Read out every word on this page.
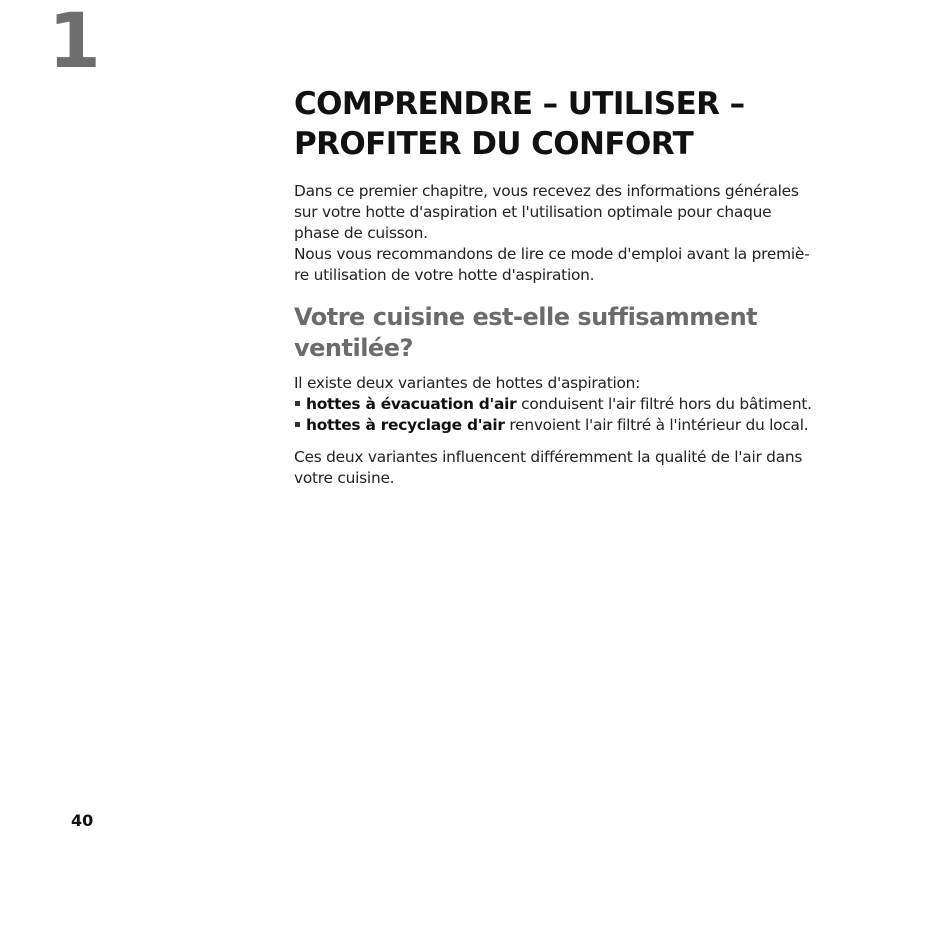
1
COMPRENDRE – UTILISER –
PROFITER DU CONFORT

Dans ce premier chapitre, vous recevez des informations générales
sur votre hotte d'aspiration et l'utilisation optimale pour chaque
phase de cuisson.
Nous vous recommandons de lire ce mode d'emploi avant la premiè-
re utilisation de votre hotte d'aspiration.

Votre cuisine est-elle suffisamment
ventilée?

Il existe deux variantes de hottes d'aspiration:

hottes à évacuation d'air conduisent l'air filtré hors du bâtiment.
hottes à recyclage d'air renvoient l'air filtré à l'intérieur du local.

Ces deux variantes influencent différemment la qualité de l'air dans
votre cuisine.

40
